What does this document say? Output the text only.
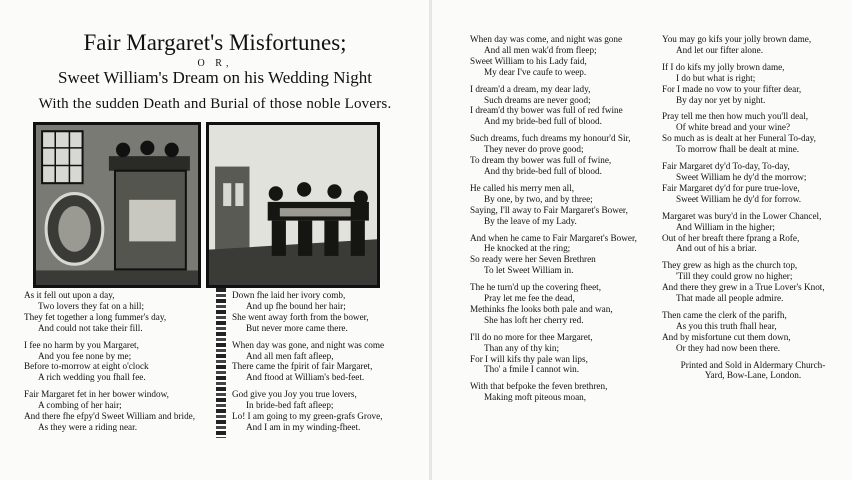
Fair Margaret's Misfortunes;
O R,
Sweet William's Dream on his Wedding Night
With the sudden Death and Burial of those noble Lovers.

As it fell out upon a day,
Two lovers they fat on a hill;
They fet together a long fummer's day,
And could not take their fill.

I fee no harm by you Margaret,
And you fee none by me;
Before to-morrow at eight o'clock
A rich wedding you fhall fee.

Fair Margaret fet in her bower window,
A combing of her hair;
And there fhe efpy'd Sweet William and bride,
As they were a riding near.

Down fhe laid her ivory comb,
And up fhe bound her hair;
She went away forth from the bower,
But never more came there.

When day was gone, and night was come
And all men faft afleep,
There came the fpirit of fair Margaret,
And ftood at William's bed-feet.

God give you Joy you true lovers,
In bride-bed faft afleep;
Lo! I am going to my green-grafs Grove,
And I am in my winding-fheet.

When day was come, and night was gone
And all men wak'd from fleep;
Sweet William to his Lady faid,
My dear I've caufe to weep.

I dream'd a dream, my dear lady,
Such dreams are never good;
I dream'd thy bower was full of red fwine
And my bride-bed full of blood.

Such dreams, fuch dreams my honour'd Sir,
They never do prove good;
To dream thy bower was full of fwine,
And thy bride-bed full of blood.

He called his merry men all,
By one, by two, and by three;
Saying, I'll away to Fair Margaret's Bower,
By the leave of my Lady.

And when he came to Fair Margaret's Bower,
He knocked at the ring;
So ready were her Seven Brethren
To let Sweet William in.

The he turn'd up the covering fheet,
Pray let me fee the dead,
Methinks fhe looks both pale and wan,
She has loft her cherry red.

I'll do no more for thee Margaret,
Than any of thy kin;
For I will kifs thy pale wan lips,
Tho' a fmile I cannot win.

With that befpoke the feven brethren,
Making moft piteous moan,

You may go kifs your jolly brown dame,
And let our fifter alone.

If I do kifs my jolly brown dame,
I do but what is right;
For I made no vow to your fifter dear,
By day nor yet by night.

Pray tell me then how much you'll deal,
Of white bread and your wine?
So much as is dealt at her Funeral To-day,
To morrow fhall be dealt at mine.

Fair Margaret dy'd To-day, To-day,
Sweet William he dy'd the morrow;
Fair Margaret dy'd for pure true-love,
Sweet William he dy'd for forrow.

Margaret was bury'd in the Lower Chancel,
And William in the higher;
Out of her breaft there fprang a Rofe,
And out of his a briar.

They grew as high as the church top,
'Till they could grow no higher;
And there they grew in a True Lover's Knot,
That made all people admire.

Then came the clerk of the parifh,
As you this truth fhall hear,
And by misfortune cut them down,
Or they had now been there.

Printed and Sold in Aldermary Church-
Yard, Bow-Lane, London.
